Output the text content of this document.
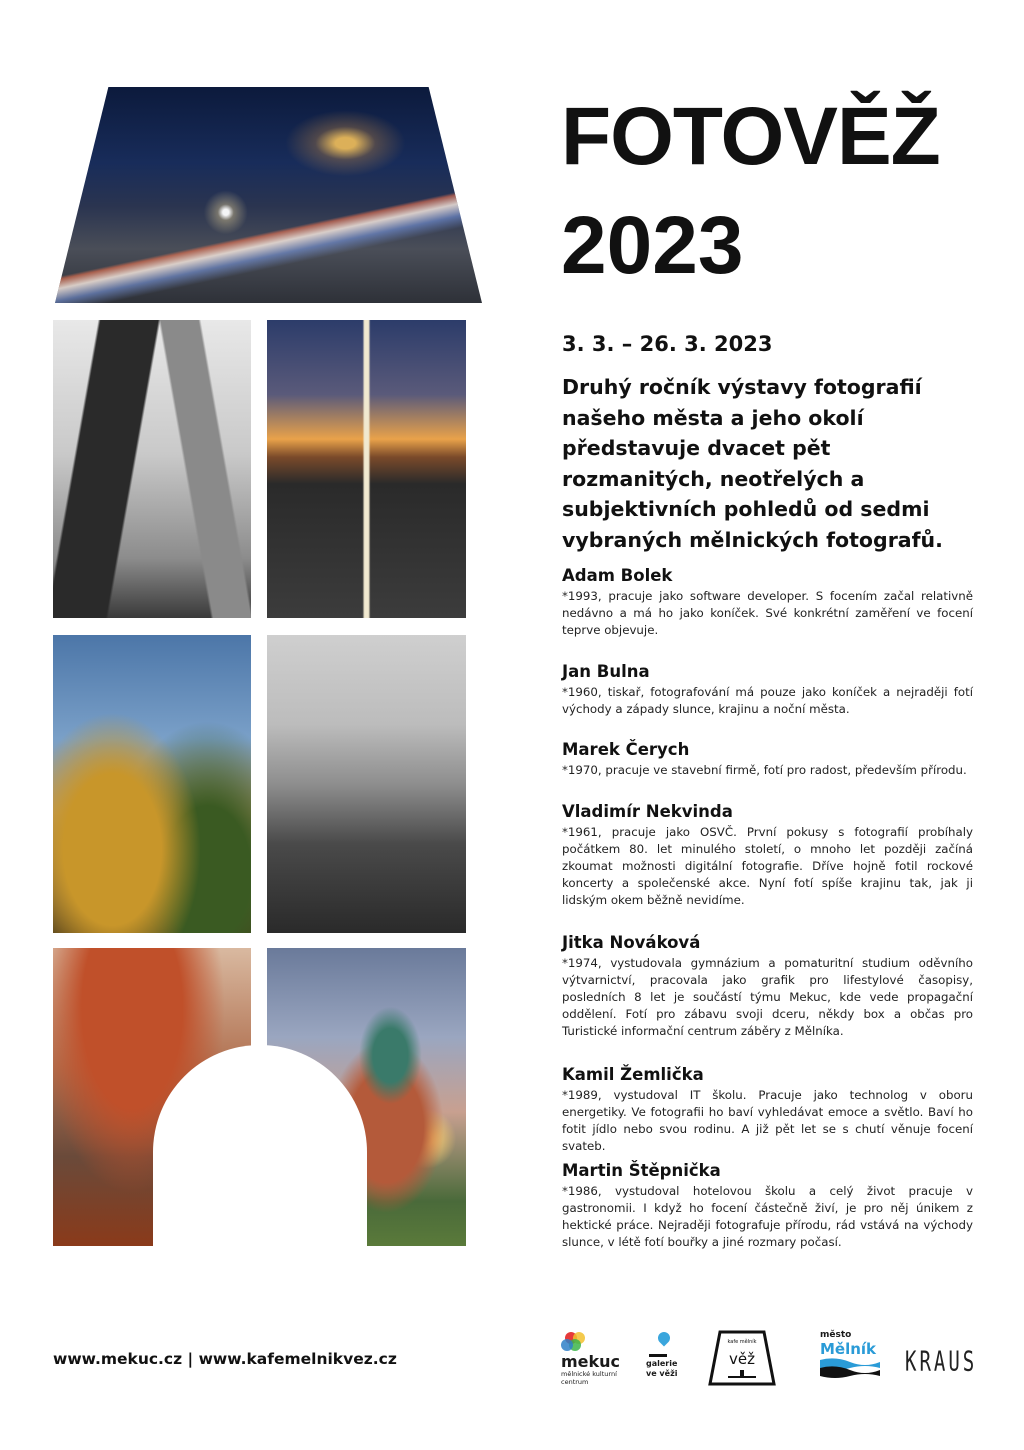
FOTOVĚŽ
2023

3. 3. – 26. 3. 2023

Druhý ročník výstavy fotografií našeho města a jeho okolí představuje dvacet pět rozmanitých, neotřelých a subjektivních pohledů od sedmi vybraných mělnických fotografů.

Adam Bolek

*1993, pracuje jako software developer. S focením začal relativně nedávno a má ho jako koníček. Své konkrétní zaměření ve focení teprve objevuje.

Jan Bulna

*1960, tiskař, fotografování má pouze jako koníček a nejraději fotí východy a západy slunce, krajinu a noční města.

Marek Čerych

*1970, pracuje ve stavební firmě, fotí pro radost, především přírodu.

Vladimír Nekvinda

*1961, pracuje jako OSVČ. První pokusy s fotografií probíhaly počátkem 80. let minulého století, o mnoho let později začíná zkoumat možnosti digitální fotografie. Dříve hojně fotil rockové koncerty a společenské akce. Nyní fotí spíše krajinu tak, jak ji lidským okem běžně nevidíme.

Jitka Nováková

*1974, vystudovala gymnázium a pomaturitní studium oděvního výtvarnictví, pracovala jako grafik pro lifestylové časopisy, posledních 8 let je součástí týmu Mekuc, kde vede propagační oddělení. Fotí pro zábavu svoji dceru, někdy box a občas pro Turistické informační centrum záběry z Mělníka.

Kamil Žemlička

*1989, vystudoval IT školu. Pracuje jako technolog v oboru energetiky. Ve fotografii ho baví vyhledávat emoce a světlo. Baví ho fotit jídlo nebo svou rodinu. A již pět let se s chutí věnuje focení svateb.

Martin Štěpnička

*1986, vystudoval hotelovou školu a celý život pracuje v gastronomii. I když ho focení částečně živí, je pro něj únikem z hektické práce. Nejraději fotografuje přírodu, rád vstává na východy slunce, v létě fotí bouřky a jiné rozmary počasí.

www.mekuc.cz | www.kafemelnikvez.cz	mekuc
mělnické kulturní centrum
galerie ve věži
kafe mělník
věž
město
Mělník	KRAUS
